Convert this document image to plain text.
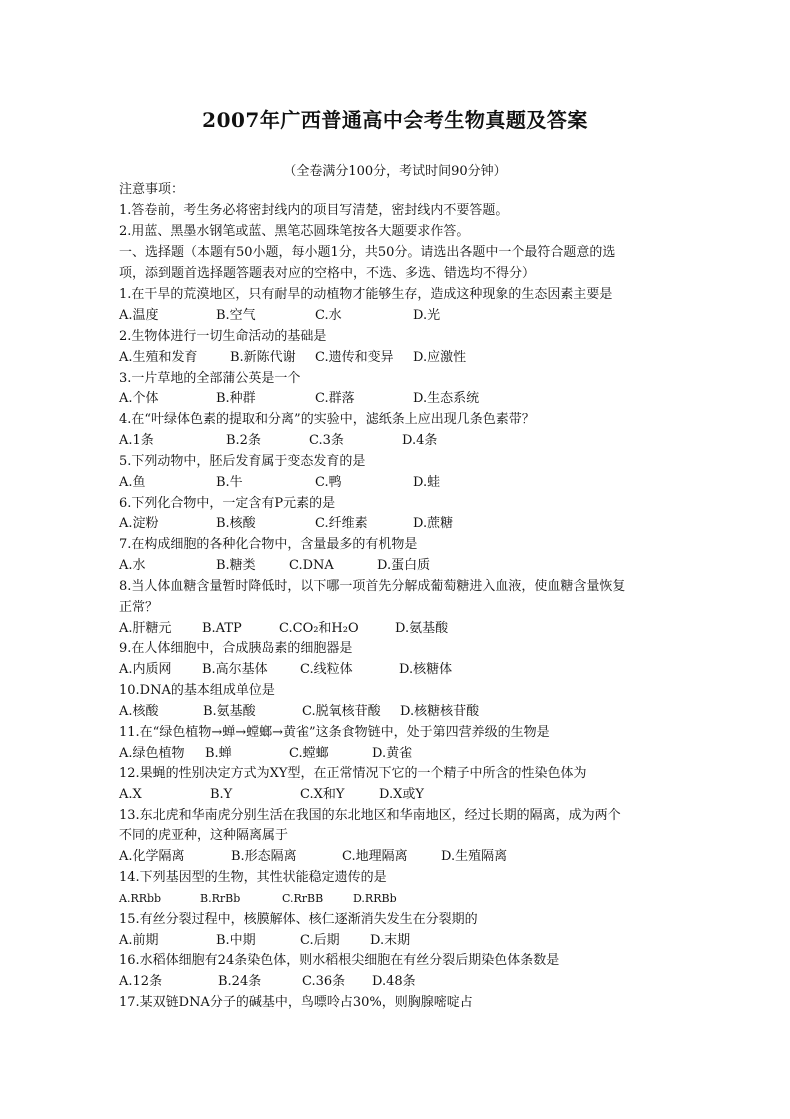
2007年广西普通高中会考生物真题及答案
（全卷满分100分，考试时间90分钟）
注意事项：
1.答卷前，考生务必将密封线内的项目写清楚，密封线内不要答题。
2.用蓝、黑墨水钢笔或蓝、黑笔芯圆珠笔按各大题要求作答。
一、选择题（本题有50小题，每小题1分，共50分。请选出各题中一个最符合题意的选
项，添到题首选择题答题表对应的空格中，不选、多选、错选均不得分）
1.在干旱的荒漠地区，只有耐旱的动植物才能够生存，造成这种现象的生态因素主要是
A.温度	B.空气	C.水	D.光
2.生物体进行一切生命活动的基础是
A.生殖和发育 B.新陈代谢 C.遗传和变异 D.应激性
3.一片草地的全部蒲公英是一个
A.个体	B.种群	C.群落	D.生态系统
4.在“叶绿体色素的提取和分离”的实验中，滤纸条上应出现几条色素带？
A.1条	B.2条	C.3条	D.4条
5.下列动物中，胚后发育属于变态发育的是
A.鱼	B.牛	C.鸭	D.蛙
6.下列化合物中，一定含有P元素的是
A.淀粉	B.核酸	C.纤维素	D.蔗糖
7.在构成细胞的各种化合物中，含量最多的有机物是
A.水	B.糖类	C.DNA	D.蛋白质
8.当人体血糖含量暂时降低时，以下哪一项首先分解成葡萄糖进入血液，使血糖含量恢复
正常？
A.肝糖元 B.ATP	C.CO₂和H₂O	D.氨基酸
9.在人体细胞中，合成胰岛素的细胞器是
A.内质网 B.高尔基体 C.线粒体	D.核糖体
10.DNA的基本组成单位是
A.核酸	B.氨基酸	C.脱氧核苷酸 D.核糖核苷酸
11.在“绿色植物→蝉→螳螂→黄雀”这条食物链中，处于第四营养级的生物是
A.绿色植物 B.蝉	C.螳螂	D.黄雀
12.果蝇的性别决定方式为XY型，在正常情况下它的一个精子中所含的性染色体为
A.X	B.Y	C.X和Y	D.X或Y
13.东北虎和华南虎分别生活在我国的东北地区和华南地区，经过长期的隔离，成为两个
不同的虎亚种，这种隔离属于
A.化学隔离	B.形态隔离	C.地理隔离	D.生殖隔离
14.下列基因型的生物，其性状能稳定遗传的是
A.RRbb	B.RrBb	C.RrBB	D.RRBb
15.有丝分裂过程中，核膜解体、核仁逐渐消失发生在分裂期的
A.前期	B.中期	C.后期 D.末期
16.水稻体细胞有24条染色体，则水稻根尖细胞在有丝分裂后期染色体条数是
A.12条	B.24条	C.36条 D.48条
17.某双链DNA分子的碱基中，鸟嘌呤占30%，则胸腺嘧啶占
